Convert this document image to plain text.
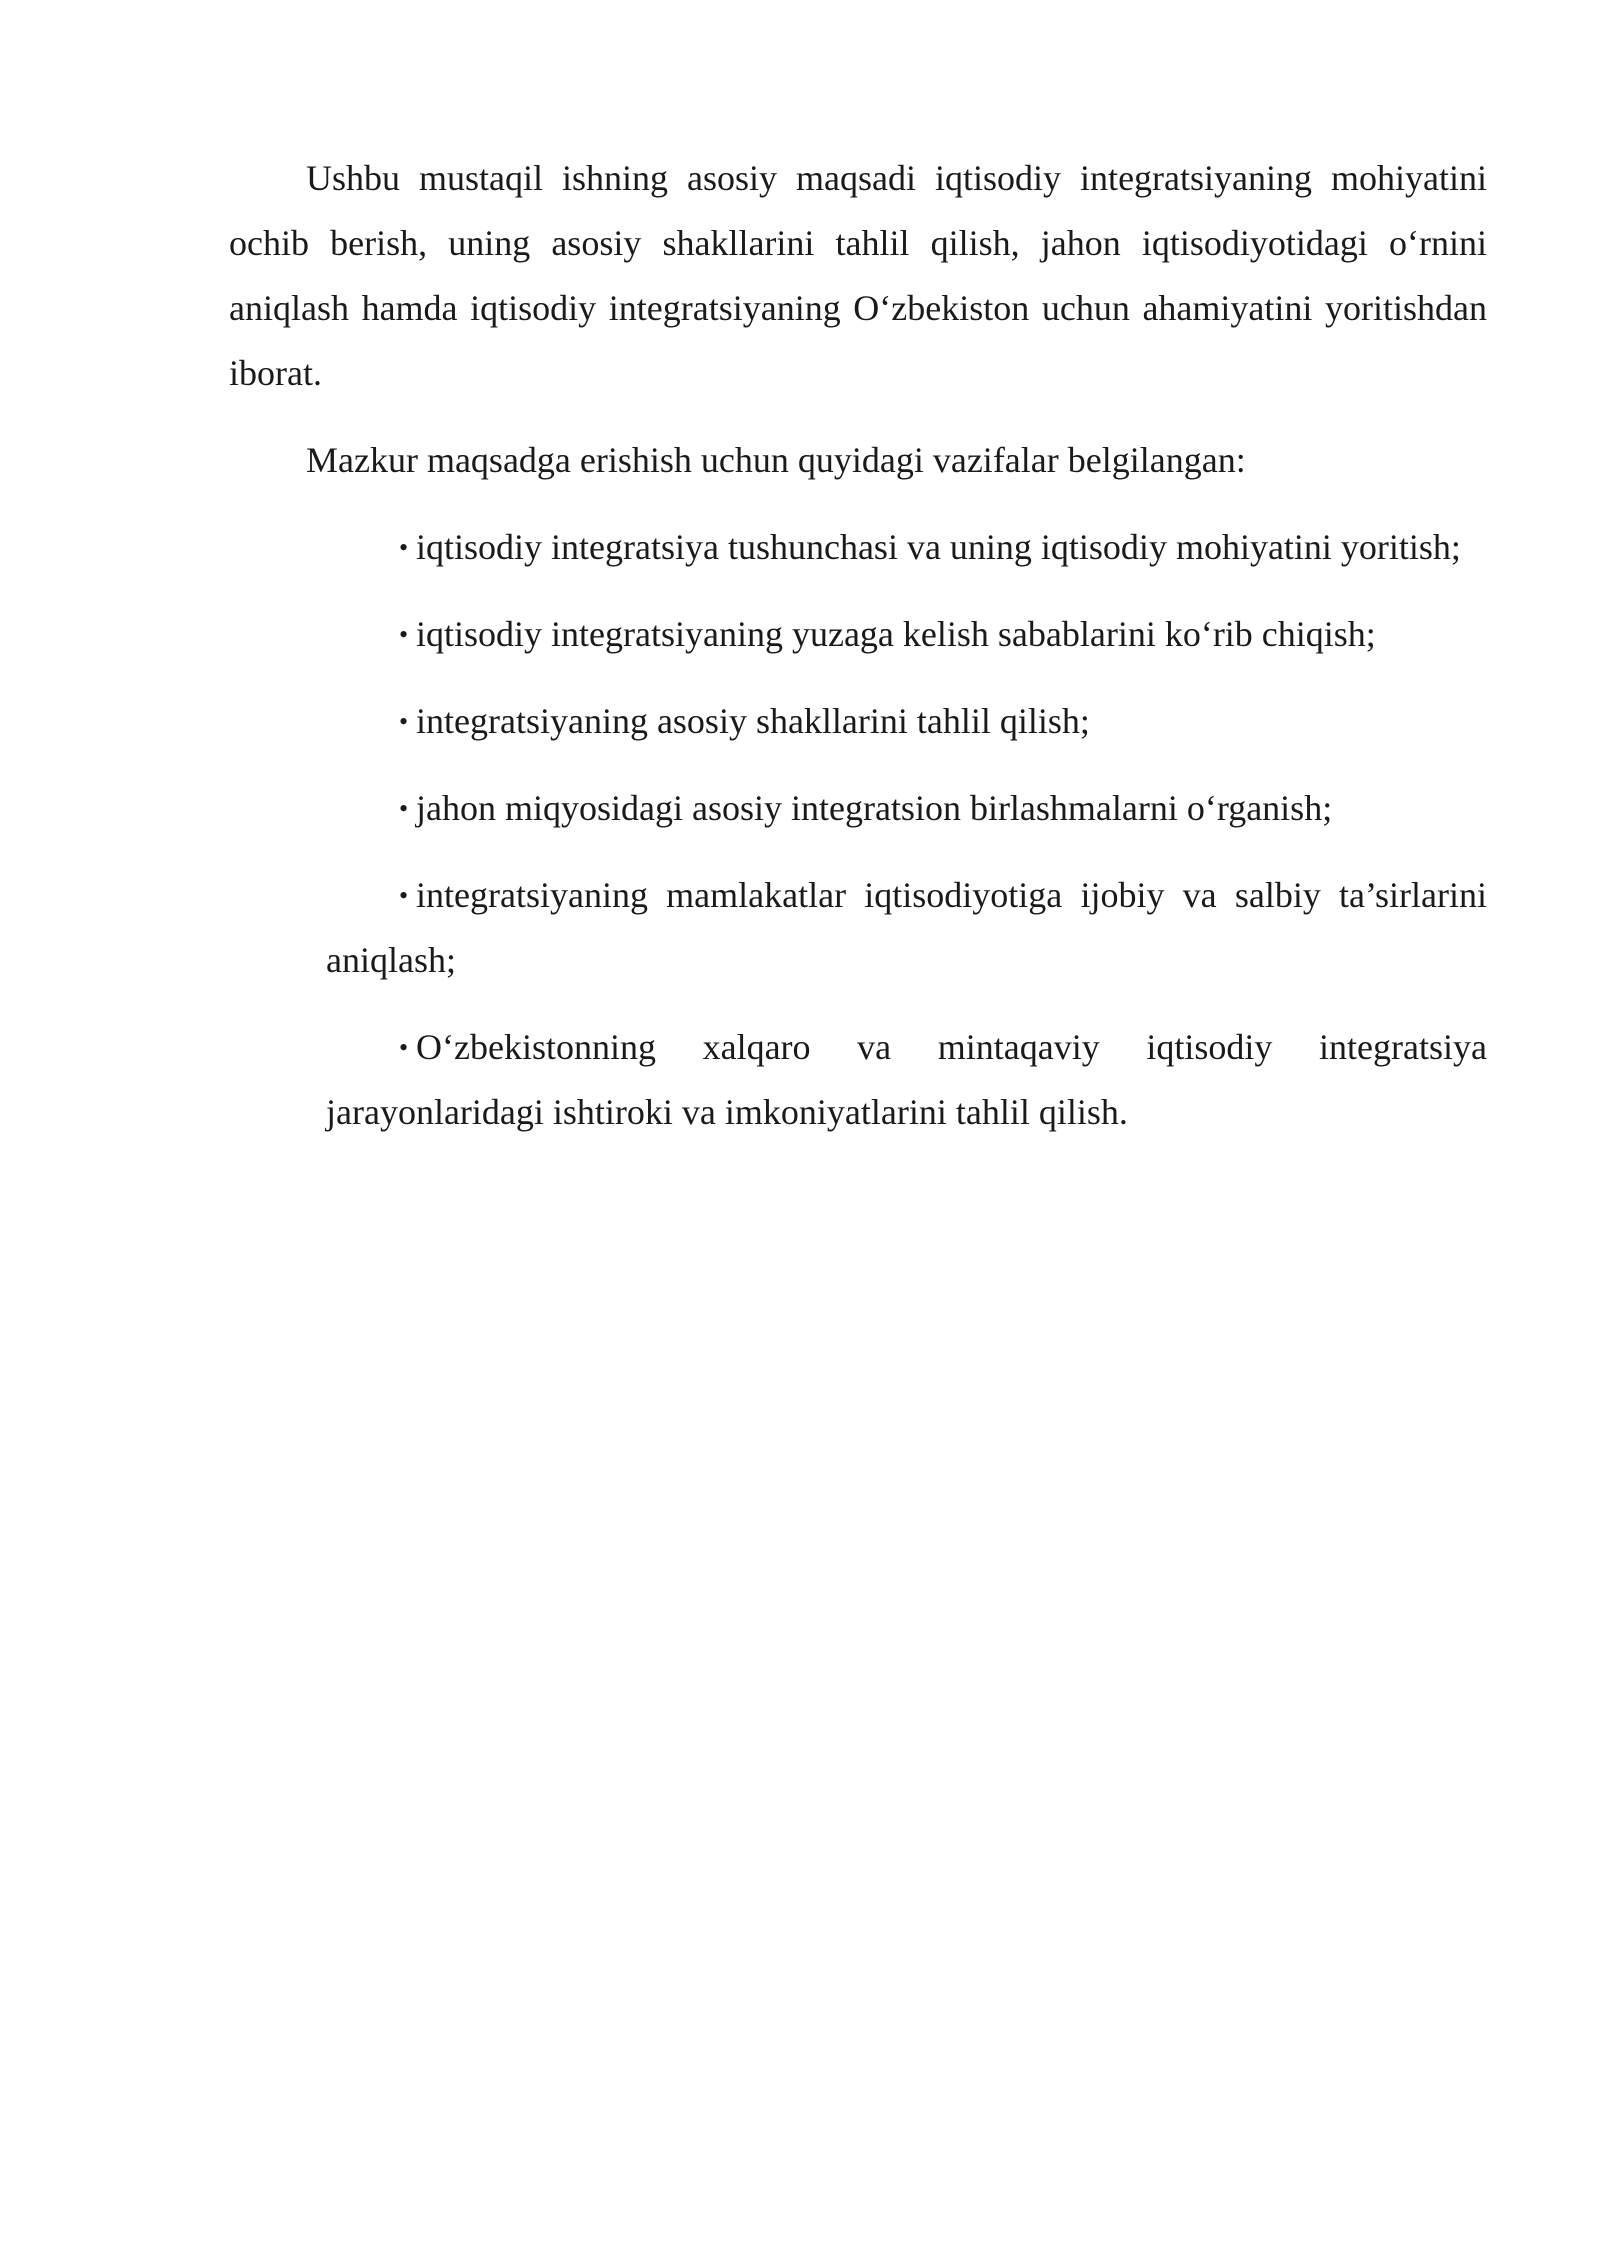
Ushbu mustaqil ishning asosiy maqsadi iqtisodiy integratsiyaning mohiyatini ochib berish, uning asosiy shakllarini tahlil qilish, jahon iqtisodiyotidagi o‘rnini aniqlash hamda iqtisodiy integratsiyaning O‘zbekiston uchun ahamiyatini yoritishdan iborat.

Mazkur maqsadga erishish uchun quyidagi vazifalar belgilangan:

• iqtisodiy integratsiya tushunchasi va uning iqtisodiy mohiyatini yoritish;
• iqtisodiy integratsiyaning yuzaga kelish sabablarini ko‘rib chiqish;
• integratsiyaning asosiy shakllarini tahlil qilish;
• jahon miqyosidagi asosiy integratsion birlashmalarni o‘rganish;
• integratsiyaning mamlakatlar iqtisodiyotiga ijobiy va salbiy ta’sirlarini aniqlash;
• O‘zbekistonning xalqaro va mintaqaviy iqtisodiy integratsiya jarayonlaridagi ishtiroki va imkoniyatlarini tahlil qilish.
